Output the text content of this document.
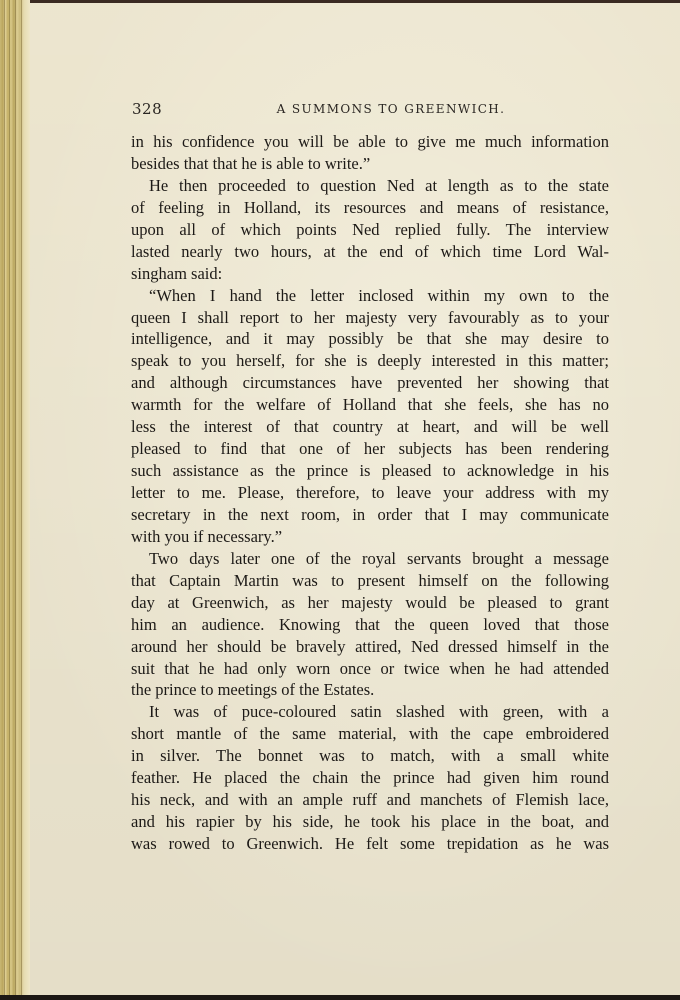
328	A SUMMONS TO GREENWICH.
in his confidence you will be able to give me much information
besides that that he is able to write.”
He then proceeded to question Ned at length as to the state
of feeling in Holland, its resources and means of resistance,
upon all of which points Ned replied fully. The interview
lasted nearly two hours, at the end of which time Lord Wal-
singham said:
“When I hand the letter inclosed within my own to the
queen I shall report to her majesty very favourably as to your
intelligence, and it may possibly be that she may desire to
speak to you herself, for she is deeply interested in this matter;
and although circumstances have prevented her showing that
warmth for the welfare of Holland that she feels, she has no
less the interest of that country at heart, and will be well
pleased to find that one of her subjects has been rendering
such assistance as the prince is pleased to acknowledge in his
letter to me. Please, therefore, to leave your address with my
secretary in the next room, in order that I may communicate
with you if necessary.”
Two days later one of the royal servants brought a message
that Captain Martin was to present himself on the following
day at Greenwich, as her majesty would be pleased to grant
him an audience. Knowing that the queen loved that those
around her should be bravely attired, Ned dressed himself in the
suit that he had only worn once or twice when he had attended
the prince to meetings of the Estates.
It was of puce-coloured satin slashed with green, with a
short mantle of the same material, with the cape embroidered
in silver. The bonnet was to match, with a small white
feather. He placed the chain the prince had given him round
his neck, and with an ample ruff and manchets of Flemish lace,
and his rapier by his side, he took his place in the boat, and
was rowed to Greenwich. He felt some trepidation as he was
